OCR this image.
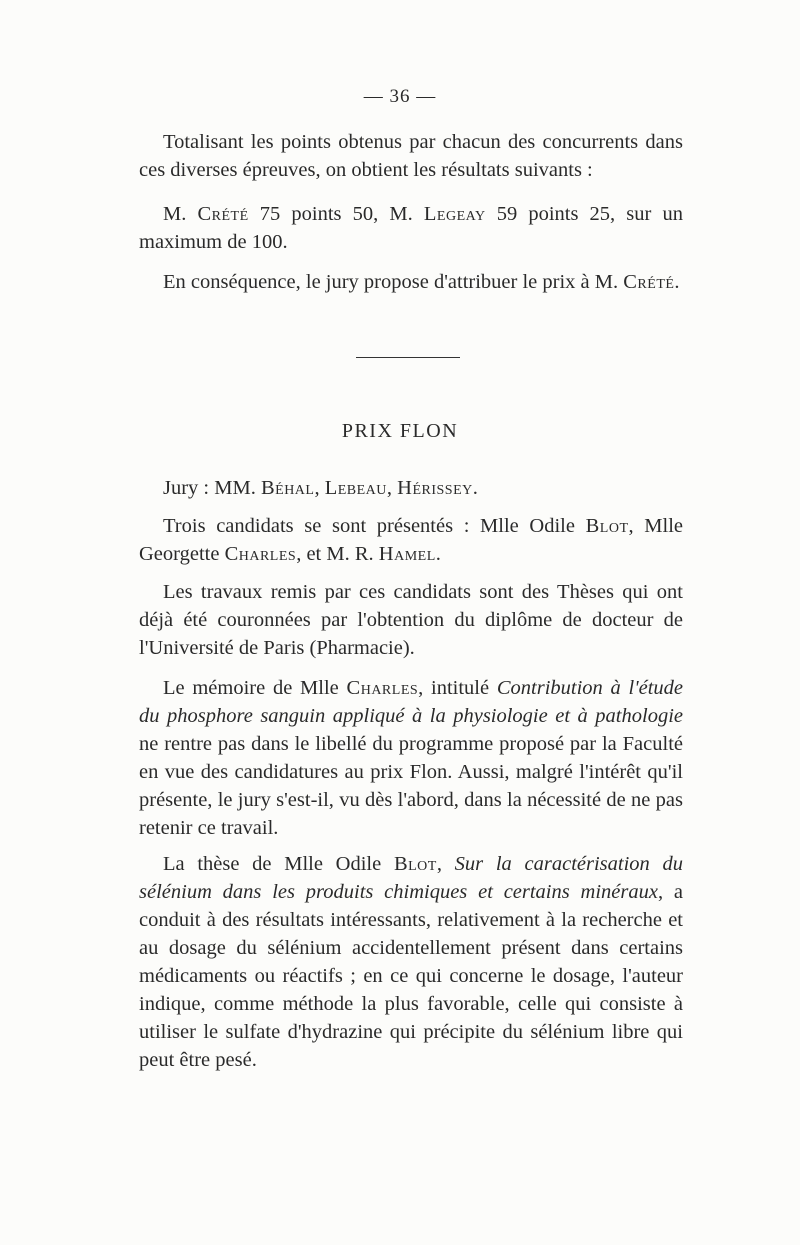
— 36 —

Totalisant les points obtenus par chacun des concurrents dans ces diverses épreuves, on obtient les résultats suivants :

M. Crété 75 points 50, M. Legeay 59 points 25, sur un maximum de 100.

En conséquence, le jury propose d'attribuer le prix à M. Crété.

PRIX FLON

Jury : MM. Béhal, Lebeau, Hérissey.

Trois candidats se sont présentés : Mlle Odile Blot, Mlle Georgette Charles, et M. R. Hamel.

Les travaux remis par ces candidats sont des Thèses qui ont déjà été couronnées par l'obtention du diplôme de docteur de l'Université de Paris (Pharmacie).

Le mémoire de Mlle Charles, intitulé Contribution à l'étude du phosphore sanguin appliqué à la physiologie et à pathologie ne rentre pas dans le libellé du programme proposé par la Faculté en vue des candidatures au prix Flon. Aussi, malgré l'intérêt qu'il présente, le jury s'est-il, vu dès l'abord, dans la nécessité de ne pas retenir ce travail.

La thèse de Mlle Odile Blot, Sur la caractérisation du sélénium dans les produits chimiques et certains minéraux, a conduit à des résultats intéressants, relativement à la recherche et au dosage du sélénium accidentellement présent dans certains médicaments ou réactifs ; en ce qui concerne le dosage, l'auteur indique, comme méthode la plus favorable, celle qui consiste à utiliser le sulfate d'hydrazine qui précipite du sélénium libre qui peut être pesé.
